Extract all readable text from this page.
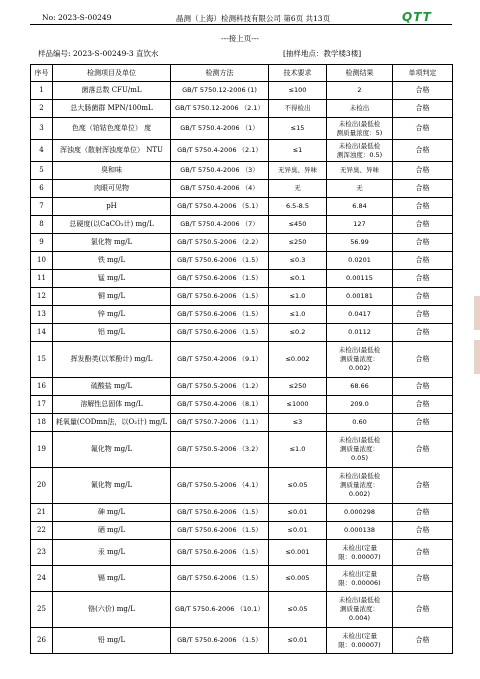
No: 2023-S-00249	晶测（上海）检测科技有限公司 第6页 共13页	QTT
---接上页---
样品编号: 2023-S-00249-3 直饮水	[抽样地点：教学楼3楼]
序号	检测项目及单位	检测方法	技术要求	检测结果	单项判定
1	菌落总数 CFU/mL	GB/T 5750.12-2006 (1)	≤100	2	合格
2	总大肠菌群 MPN/100mL	GB/T 5750.12-2006 （2.1）	不得检出	未检出	合格
3	色度（铂钴色度单位） 度	GB/T 5750.4-2006 （1）	≤15	未检出(最低检
测质量浓度：5)	合格
4	浑浊度（散射浑浊度单位） NTU	GB/T 5750.4-2006 （2.1）	≤1	未检出(最低检
测浑浊度：0.5)	合格
5	臭和味	GB/T 5750.4-2006 （3）	无异臭、异味	无异臭、异味	合格
6	肉眼可见物	GB/T 5750.4-2006 （4）	无	无	合格
7	pH	GB/T 5750.4-2006 （5.1）	6.5-8.5	6.84	合格
8	总硬度(以CaCO₃计) mg/L	GB/T 5750.4-2006 （7）	≤450	127	合格
9	氯化物 mg/L	GB/T 5750.5-2006 （2.2）	≤250	56.99	合格
10	铁 mg/L	GB/T 5750.6-2006 （1.5）	≤0.3	0.0201	合格
11	锰 mg/L	GB/T 5750.6-2006 （1.5）	≤0.1	0.00115	合格
12	铜 mg/L	GB/T 5750.6-2006 （1.5）	≤1.0	0.00181	合格
13	锌 mg/L	GB/T 5750.6-2006 （1.5）	≤1.0	0.0417	合格
14	铝 mg/L	GB/T 5750.6-2006 （1.5）	≤0.2	0.0112	合格
15	挥发酚类(以苯酚计) mg/L	GB/T 5750.4-2006 （9.1）	≤0.002	未检出(最低检
测质量浓度：
0.002)	合格
16	硫酸盐 mg/L	GB/T 5750.5-2006 （1.2）	≤250	68.66	合格
17	溶解性总固体 mg/L	GB/T 5750.4-2006 （8.1）	≤1000	209.0	合格
18	耗氧量(CODmn法，以O₂计) mg/L	GB/T 5750.7-2006 （1.1）	≤3	0.60	合格
19	氟化物 mg/L	GB/T 5750.5-2006 （3.2）	≤1.0	未检出(最低检
测质量浓度：
0.05)	合格
20	氰化物 mg/L	GB/T 5750.5-2006 （4.1）	≤0.05	未检出(最低检
测质量浓度：
0.002)	合格
21	砷 mg/L	GB/T 5750.6-2006 （1.5）	≤0.01	0.000298	合格
22	硒 mg/L	GB/T 5750.6-2006 （1.5）	≤0.01	0.000138	合格
23	汞 mg/L	GB/T 5750.6-2006 （1.5）	≤0.001	未检出(定量
限：0.00007)	合格
24	镉 mg/L	GB/T 5750.6-2006 （1.5）	≤0.005	未检出(定量
限：0.00006)	合格
25	铬(六价) mg/L	GB/T 5750.6-2006 （10.1）	≤0.05	未检出(最低检
测质量浓度：
0.004)	合格
26	铅 mg/L	GB/T 5750.6-2006 （1.5）	≤0.01	未检出(定量
限：0.00007)	合格
